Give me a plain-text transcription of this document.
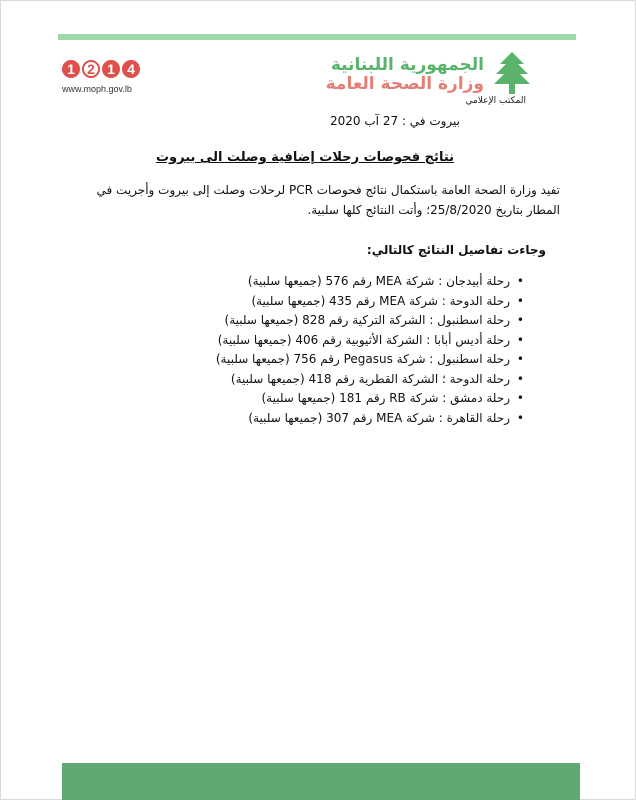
1 2 1 4
www.moph.gov.lb
الجمهورية اللبنانية
وزارة الصحة العامة
المكتب الإعلامي
بيروت في : 27 آب 2020
نتائج فحوصات رحلات إضافية وصلت الى بيروت
تفيد وزارة الصحة العامة باستكمال نتائج فحوصات PCR لرحلات وصلت إلى بيروت وأجريت في المطار بتاريخ 25/8/2020؛ وأتت النتائج كلها سلبية.
وجاءت تفاصيل النتائج كالتالي:
•
رحلة أبيدجان : شركة MEA رقم 576 (جميعها سلبية)
•
رحلة الدوحة : شركة MEA رقم 435 (جميعها سلبية)
•
رحلة اسطنبول : الشركة التركية رقم 828 (جميعها سلبية)
•
رحلة أديس أبابا : الشركة الأثيوبية رقم 406 (جميعها سلبية)
•
رحلة اسطنبول : شركة Pegasus رقم 756 (جميعها سلبية)
•
رحلة الدوحة ؛ الشركة القطرية رقم 418 (جميعها سلبية)
•
رحلة دمشق : شركة RB رقم 181 (جميعها سلبية)
•
رحلة القاهرة : شركة MEA رقم 307 (جميعها سلبية)
